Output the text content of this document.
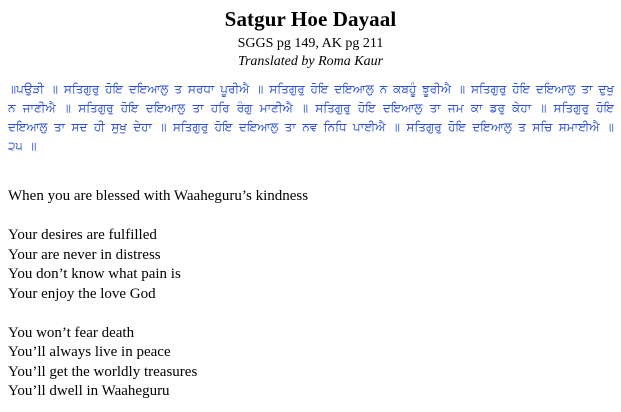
Satgur Hoe Dayaal
SGGS pg 149, AK pg 211
Translated by Roma Kaur
॥ਪਉੜੀ ॥ ਸਤਿਗੁਰੁ ਹੋਇ ਦਇਆਲੁ ਤ ਸਰਧਾ ਪੂਰੀਐ ॥ ਸਤਿਗੁਰੁ ਹੋਇ ਦਇਆਲੁ ਨ ਕਬਹੂੰ ਝੂਰੀਐ ॥ ਸਤਿਗੁਰੁ ਹੋਇ ਦਇਆਲੁ ਤਾ ਦੁਖੁ ਨ ਜਾਣੀਐ ॥ ਸਤਿਗੁਰੁ ਹੋਇ ਦਇਆਲੁ ਤਾ ਹਰਿ ਰੰਗੁ ਮਾਣੀਐ ॥ ਸਤਿਗੁਰੁ ਹੋਇ ਦਇਆਲੁ ਤਾ ਜਮ ਕਾ ਡਰੁ ਕੇਹਾ ॥ ਸਤਿਗੁਰੁ ਹੋਇ ਦਇਆਲੁ ਤਾ ਸਦ ਹੀ ਸੁਖੁ ਦੇਹਾ ॥ ਸਤਿਗੁਰੁ ਹੋਇ ਦਇਆਲੁ ਤਾ ਨਵ ਨਿਧਿ ਪਾਈਐ ॥ ਸਤਿਗੁਰੁ ਹੋਇ ਦਇਆਲੁ ਤ ਸਚਿ ਸਮਾਈਐ ॥ ੨੫ ॥
When you are blessed with Waaheguru’s kindness
Your desires are fulfilled
Your are never in distress
You don’t know what pain is
Your enjoy the love God
You won’t fear death
You’ll always live in peace
You’ll get the worldly treasures
You’ll dwell in Waaheguru
